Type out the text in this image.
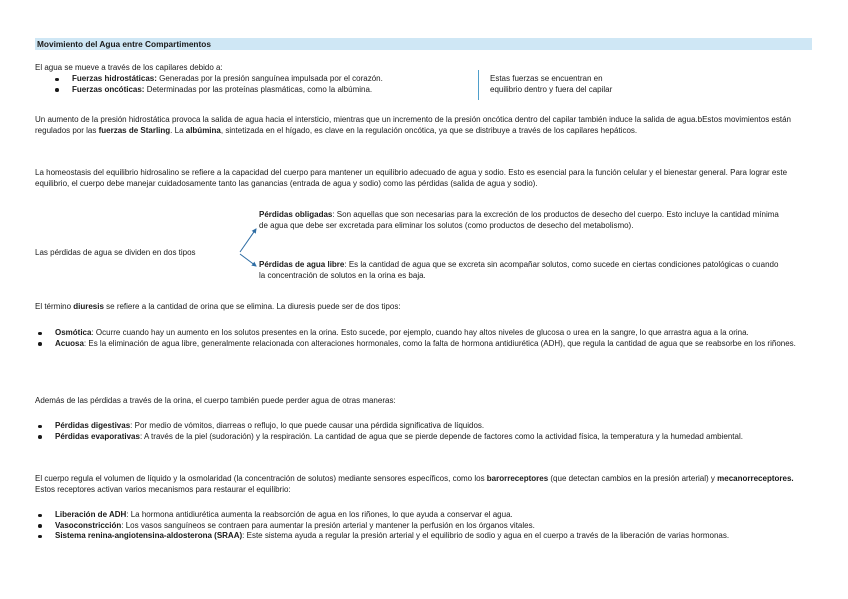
Movimiento del Agua entre Compartimentos

El agua se mueve a través de los capilares debido a:

Fuerzas hidrostáticas: Generadas por la presión sanguínea impulsada por el corazón.
Fuerzas oncóticas: Determinadas por las proteínas plasmáticas, como la albúmina.
Estas fuerzas se encuentran en
equilibrio dentro y fuera del capilar

Un aumento de la presión hidrostática provoca la salida de agua hacia el intersticio, mientras que un incremento de la presión oncótica dentro del capilar también induce la salida de agua.bEstos movimientos están regulados por las fuerzas de Starling. La albúmina, sintetizada en el hígado, es clave en la regulación oncótica, ya que se distribuye a través de los capilares hepáticos.

La homeostasis del equilibrio hidrosalino se refiere a la capacidad del cuerpo para mantener un equilibrio adecuado de agua y sodio. Esto es esencial para la función celular y el bienestar general. Para lograr este equilibrio, el cuerpo debe manejar cuidadosamente tanto las ganancias (entrada de agua y sodio) como las pérdidas (salida de agua y sodio).

Las pérdidas de agua se dividen en dos tipos

Pérdidas obligadas: Son aquellas que son necesarias para la excreción de los productos de desecho del cuerpo. Esto incluye la cantidad mínima de agua que debe ser excretada para eliminar los solutos (como productos de desecho del metabolismo).

Pérdidas de agua libre: Es la cantidad de agua que se excreta sin acompañar solutos, como sucede en ciertas condiciones patológicas o cuando la concentración de solutos en la orina es baja.

El término diuresis se refiere a la cantidad de orina que se elimina. La diuresis puede ser de dos tipos:

Osmótica: Ocurre cuando hay un aumento en los solutos presentes en la orina. Esto sucede, por ejemplo, cuando hay altos niveles de glucosa o urea en la sangre, lo que arrastra agua a la orina.
Acuosa: Es la eliminación de agua libre, generalmente relacionada con alteraciones hormonales, como la falta de hormona antidiurética (ADH), que regula la cantidad de agua que se reabsorbe en los riñones.

Además de las pérdidas a través de la orina, el cuerpo también puede perder agua de otras maneras:

Pérdidas digestivas: Por medio de vómitos, diarreas o reflujo, lo que puede causar una pérdida significativa de líquidos.
Pérdidas evaporativas: A través de la piel (sudoración) y la respiración. La cantidad de agua que se pierde depende de factores como la actividad física, la temperatura y la humedad ambiental.

El cuerpo regula el volumen de líquido y la osmolaridad (la concentración de solutos) mediante sensores específicos, como los barorreceptores (que detectan cambios en la presión arterial) y mecanorreceptores. Estos receptores activan varios mecanismos para restaurar el equilibrio:

Liberación de ADH: La hormona antidiurética aumenta la reabsorción de agua en los riñones, lo que ayuda a conservar el agua.
Vasoconstricción: Los vasos sanguíneos se contraen para aumentar la presión arterial y mantener la perfusión en los órganos vitales.
Sistema renina-angiotensina-aldosterona (SRAA): Este sistema ayuda a regular la presión arterial y el equilibrio de sodio y agua en el cuerpo a través de la liberación de varias hormonas.
